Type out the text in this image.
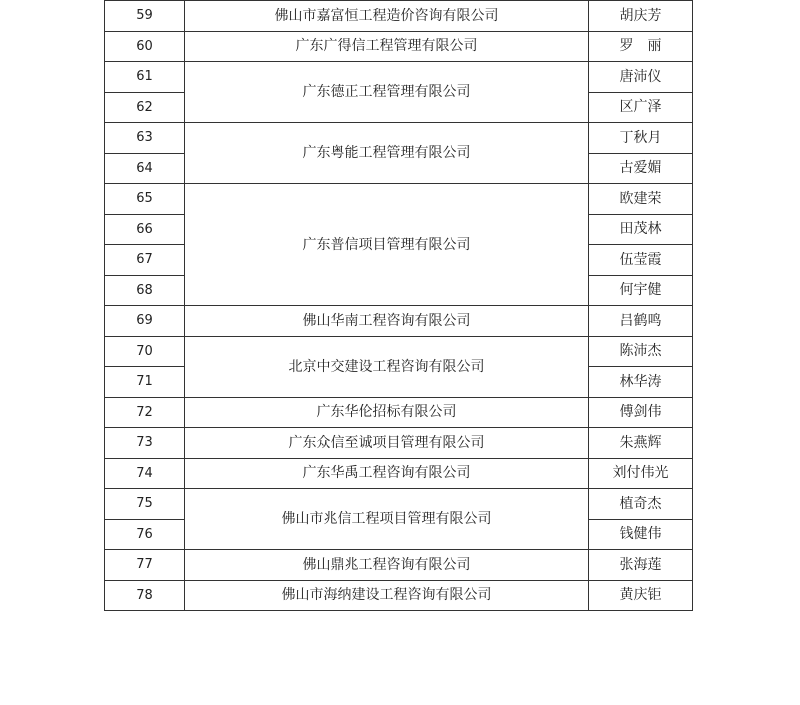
59	佛山市嘉富恒工程造价咨询有限公司	胡庆芳
60	广东广得信工程管理有限公司	罗　丽
61	广东德正工程管理有限公司	唐沛仪
62		区广泽
63	广东粤能工程管理有限公司	丁秋月
64		古爱媚
65	广东普信项目管理有限公司	欧建荣
66		田茂林
67		伍莹霞
68		何宇健
69	佛山华南工程咨询有限公司	吕鹤鸣
70	北京中交建设工程咨询有限公司	陈沛杰
71		林华涛
72	广东华伦招标有限公司	傅剑伟
73	广东众信至诚项目管理有限公司	朱燕辉
74	广东华禹工程咨询有限公司	刘付伟光
75	佛山市兆信工程项目管理有限公司	植奇杰
76		钱健伟
77	佛山鼎兆工程咨询有限公司	张海莲
78	佛山市海纳建设工程咨询有限公司	黄庆钜
